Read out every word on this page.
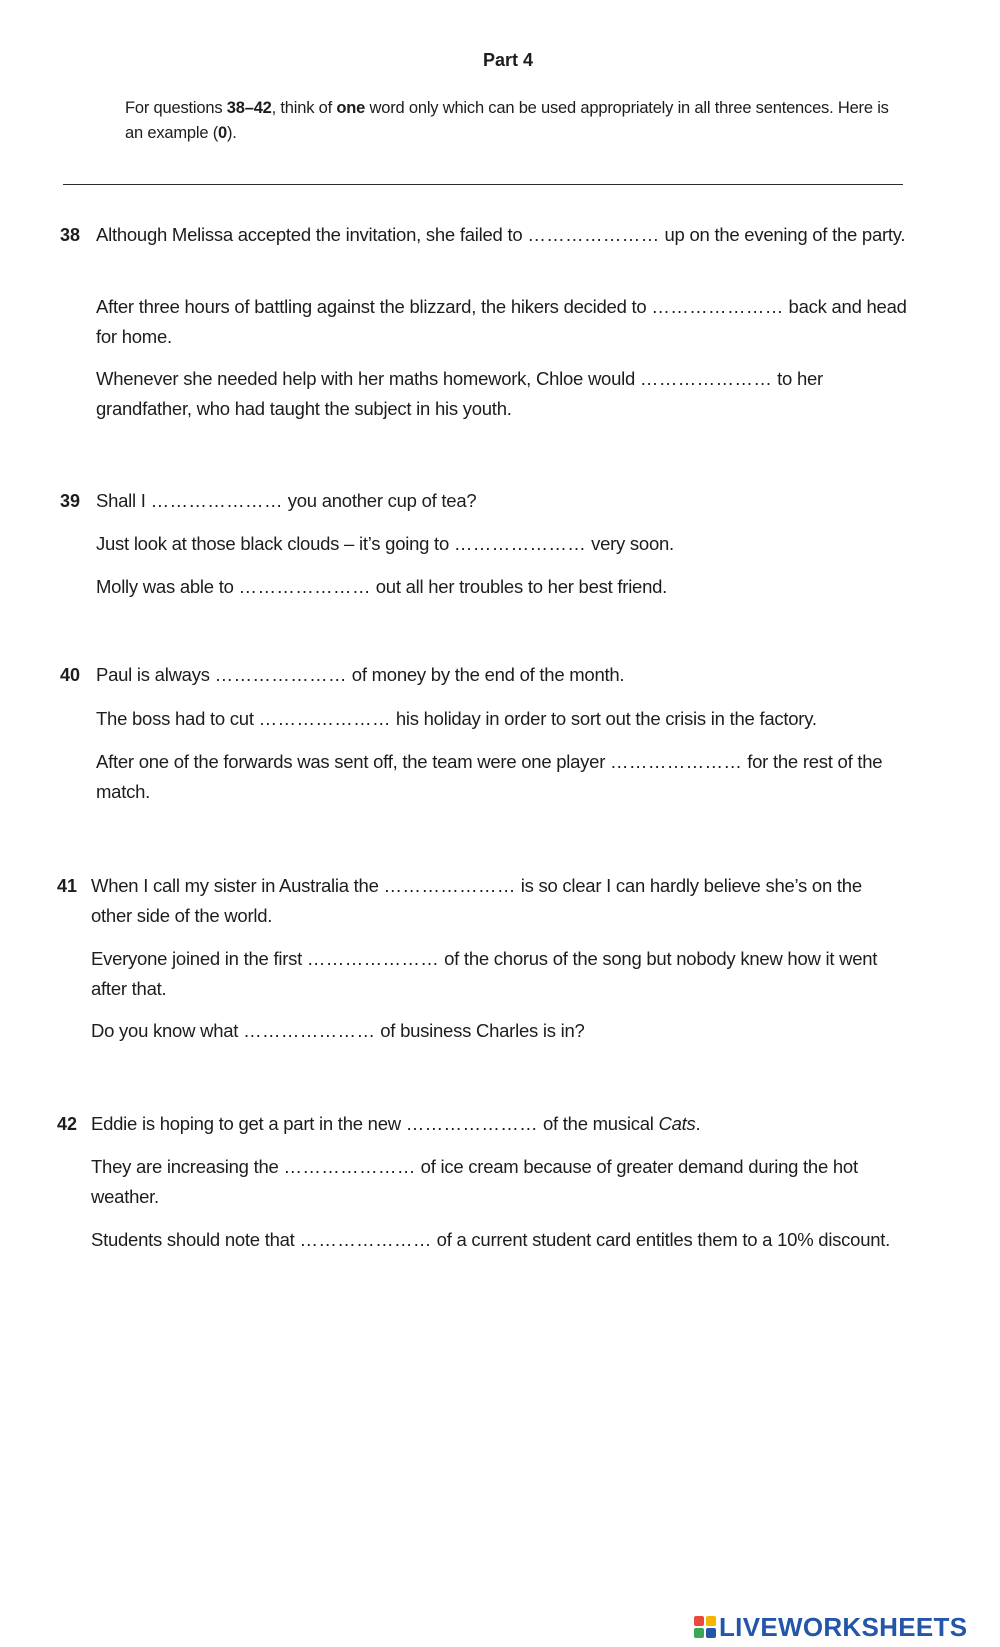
Part 4
For questions 38–42, think of one word only which can be used appropriately in all three sentences. Here is an example (0).
38 Although Melissa accepted the invitation, she failed to ………………… up on the evening of the party.
After three hours of battling against the blizzard, the hikers decided to ………………… back and head for home.
Whenever she needed help with her maths homework, Chloe would ………………… to her grandfather, who had taught the subject in his youth.
39 Shall I ………………… you another cup of tea?
Just look at those black clouds – it’s going to ………………… very soon.
Molly was able to ………………… out all her troubles to her best friend.
40 Paul is always ………………… of money by the end of the month.
The boss had to cut ………………… his holiday in order to sort out the crisis in the factory.
After one of the forwards was sent off, the team were one player ………………… for the rest of the match.
41 When I call my sister in Australia the ………………… is so clear I can hardly believe she’s on the other side of the world.
Everyone joined in the first ………………… of the chorus of the song but nobody knew how it went after that.
Do you know what ………………… of business Charles is in?
42 Eddie is hoping to get a part in the new ………………… of the musical Cats.
They are increasing the ………………… of ice cream because of greater demand during the hot weather.
Students should note that ………………… of a current student card entitles them to a 10% discount.
LIVEWORKSHEETS
